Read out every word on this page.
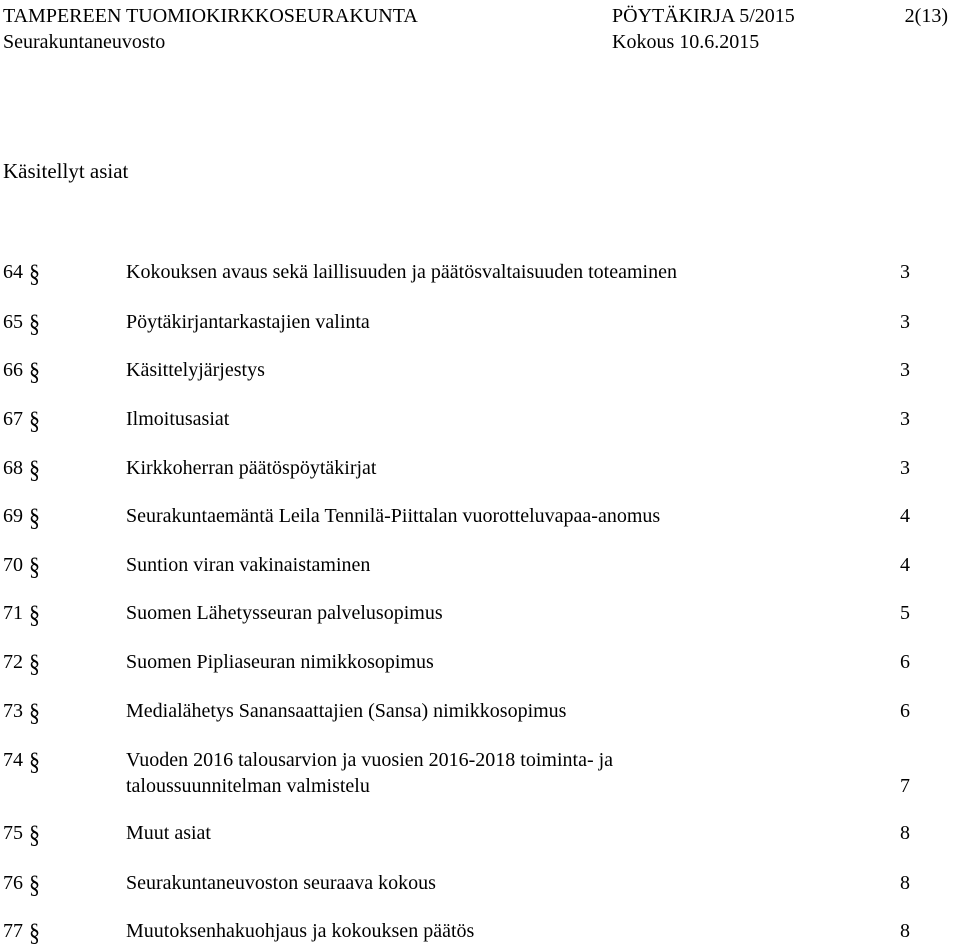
TAMPEREEN TUOMIOKIRKKOSEURAKUNTA	PÖYTÄKIRJA 5/2015	2(13)
Seurakuntaneuvosto	Kokous 10.6.2015
Käsitellyt asiat
64 §	Kokouksen avaus sekä laillisuuden ja päätösvaltaisuuden toteaminen	3
65 §	Pöytäkirjantarkastajien valinta	3
66 §	Käsittelyjärjestys	3
67 §	Ilmoitusasiat	3
68 §	Kirkkoherran päätöspöytäkirjat	3
69 §	Seurakuntaemäntä Leila Tennilä-Piittalan vuorotteluvapaa-anomus	4
70 §	Suntion viran vakinaistaminen	4
71 §	Suomen Lähetysseuran palvelusopimus	5
72 §	Suomen Pipliaseuran nimikkosopimus	6
73 §	Medialähetys Sanansaattajien (Sansa) nimikkosopimus	6
74 §	Vuoden 2016 talousarvion ja vuosien 2016-2018 toiminta- ja
taloussuunnitelman valmistelu	7
75 §	Muut asiat	8
76 §	Seurakuntaneuvoston seuraava kokous	8
77 §	Muutoksenhakuohjaus ja kokouksen päätös	8
